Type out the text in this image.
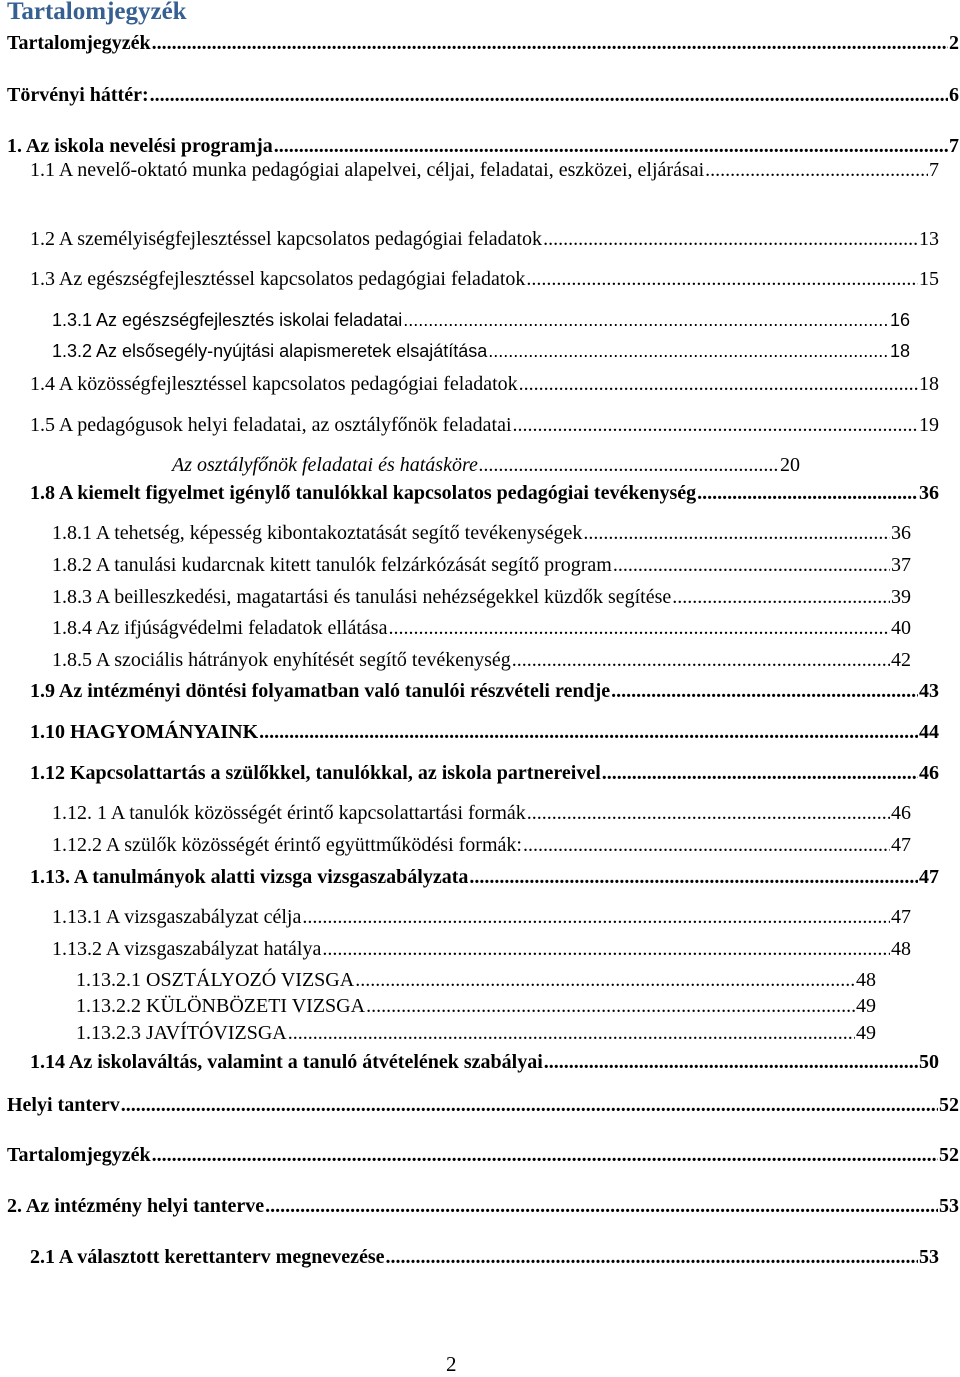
Tartalomjegyzék
Tartalomjegyzék .....	2
Törvényi háttér: .....	6
1. Az iskola nevelési programja .....	7
1.1 A nevelő-oktató munka pedagógiai alapelvei, céljai, feladatai, eszközei, eljárásai .....	7
1.2 A személyiségfejlesztéssel kapcsolatos pedagógiai feladatok .....	13
1.3 Az egészségfejlesztéssel kapcsolatos pedagógiai feladatok .....	15
1.3.1 Az egészségfejlesztés iskolai feladatai .....	16
1.3.2 Az elsősegély-nyújtási alapismeretek elsajátítása .....	18
1.4 A közösségfejlesztéssel kapcsolatos pedagógiai feladatok .....	18
1.5 A pedagógusok helyi feladatai, az osztályfőnök feladatai .....	19
Az osztályfőnök feladatai és hatásköre .....	20
1.8 A kiemelt figyelmet igénylő tanulókkal kapcsolatos pedagógiai tevékenység .....	36
1.8.1 A tehetség, képesség kibontakoztatását segítő tevékenységek .....	36
1.8.2 A tanulási kudarcnak kitett tanulók felzárkózását segítő program .....	37
1.8.3 A beilleszkedési, magatartási és tanulási nehézségekkel küzdők segítése .....	39
1.8.4 Az ifjúságvédelmi feladatok ellátása .....	40
1.8.5 A szociális hátrányok enyhítését segítő tevékenység .....	42
1.9 Az intézményi döntési folyamatban való tanulói részvételi rendje .....	43
1.10 HAGYOMÁNYAINK .....	44
1.12 Kapcsolattartás a szülőkkel, tanulókkal, az iskola partnereivel .....	46
1.12. 1 A tanulók közösségét érintő kapcsolattartási formák .....	46
1.12.2 A szülők közösségét érintő együttműködési formák: .....	47
1.13. A tanulmányok alatti vizsga vizsgaszabályzata .....	47
1.13.1 A vizsgaszabályzat célja .....	47
1.13.2 A vizsgaszabályzat hatálya .....	48
1.13.2.1 OSZTÁLYOZÓ VIZSGA .....	48
1.13.2.2 KÜLÖNBÖZETI VIZSGA .....	49
1.13.2.3 JAVÍTÓVIZSGA .....	49
1.14 Az iskolaváltás, valamint a tanuló átvételének szabályai .....	50
Helyi tanterv .....	52
Tartalomjegyzék .....	52
2. Az intézmény helyi tanterve .....	53
2.1 A választott kerettanterv megnevezése .....	53
2
